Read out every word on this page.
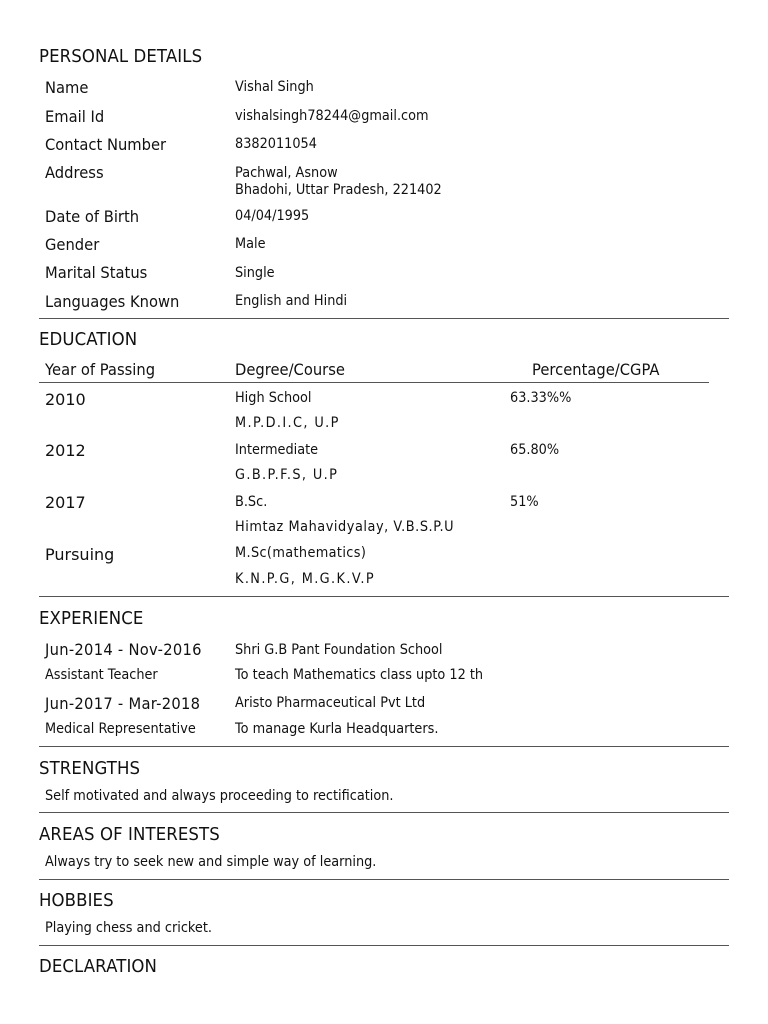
PERSONAL DETAILS
Name	Vishal Singh
Email Id	vishalsingh78244@gmail.com
Contact Number	8382011054
Address	Pachwal, Asnow
Bhadohi, Uttar Pradesh, 221402
Date of Birth	04/04/1995
Gender	Male
Marital Status	Single
Languages Known	English and Hindi
EDUCATION
Year of Passing	Degree/Course	Percentage/CGPA
2010	High School	63.33%%
M.P.D.I.C, U.P
2012	Intermediate	65.80%
G.B.P.F.S, U.P
2017	B.Sc.	51%
Himtaz Mahavidyalay, V.B.S.P.U
Pursuing	M.Sc(mathematics)
K.N.P.G, M.G.K.V.P
EXPERIENCE
Jun-2014 - Nov-2016 Shri G.B Pant Foundation School
Assistant Teacher	To teach Mathematics class upto 12 th
Jun-2017 - Mar-2018 Aristo Pharmaceutical Pvt Ltd
Medical Representative	To manage Kurla Headquarters.
STRENGTHS
Self motivated and always proceeding to rectification.
AREAS OF INTERESTS
Always try to seek new and simple way of learning.
HOBBIES
Playing chess and cricket.
DECLARATION
